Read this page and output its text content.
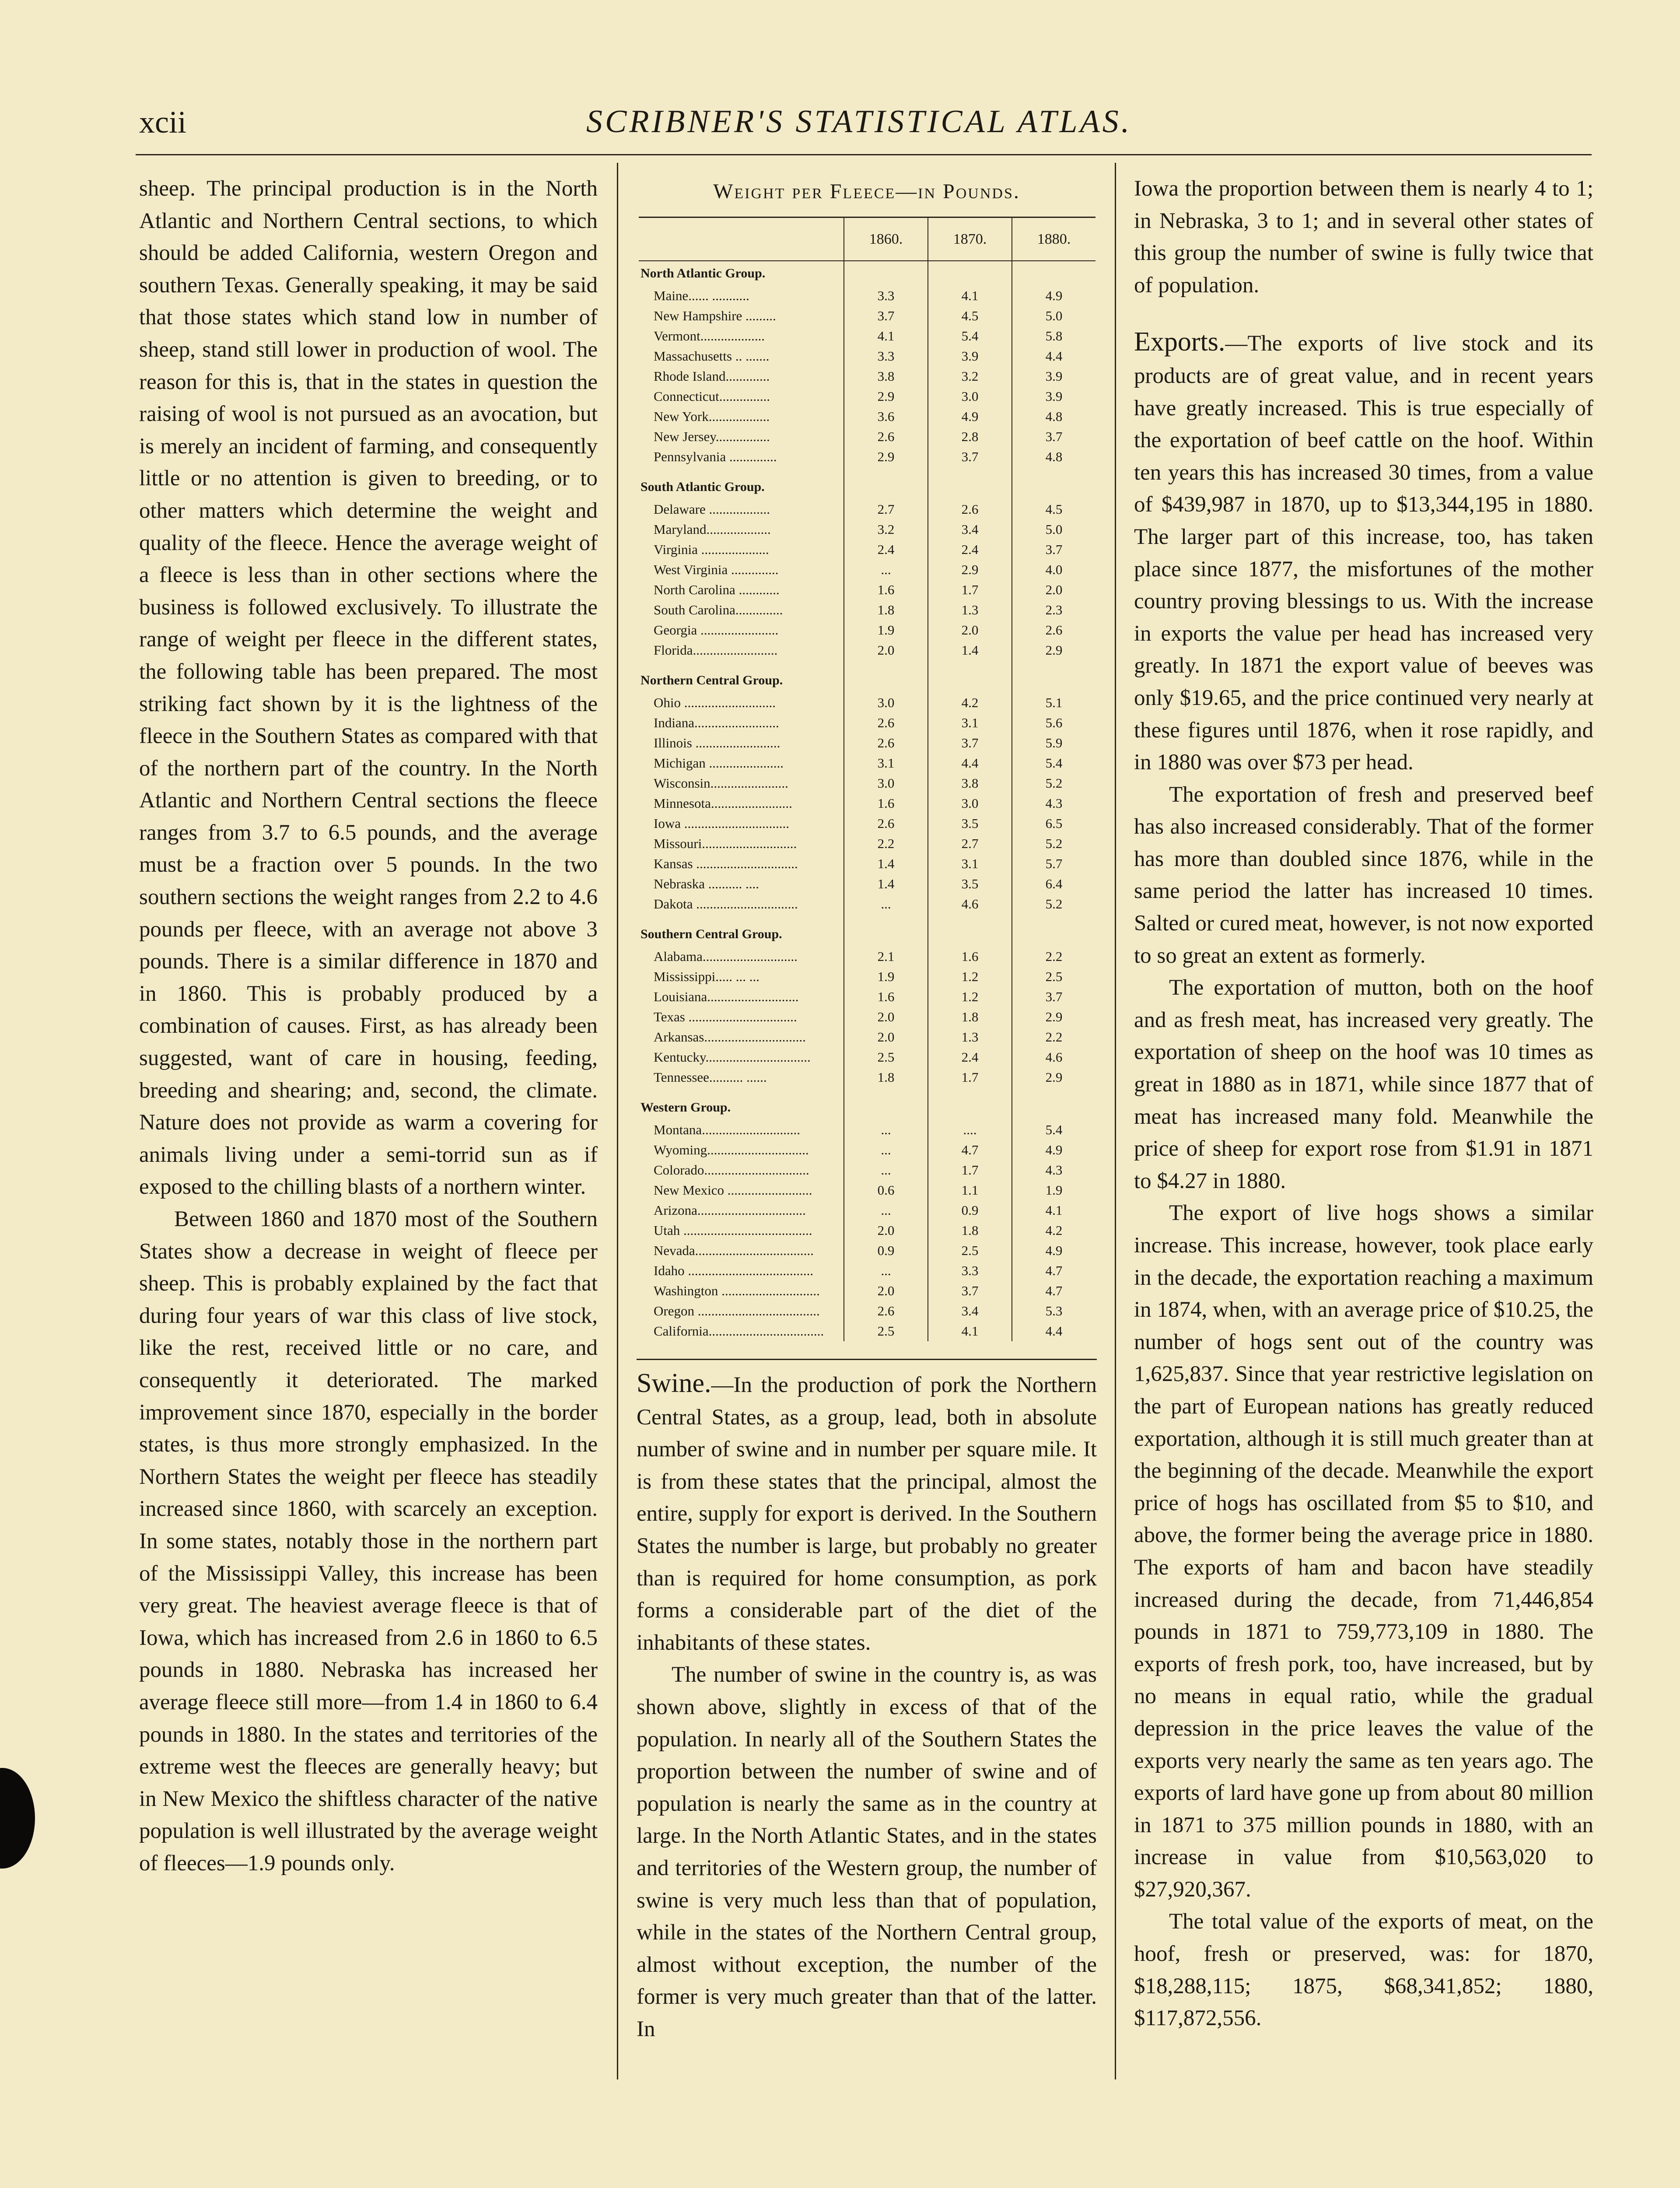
xcii	SCRIBNER'S STATISTICAL ATLAS.

sheep. The principal production is in the North Atlantic and Northern Central sections, to which should be added California, western Oregon and southern Texas. Generally speaking, it may be said that those states which stand low in number of sheep, stand still lower in production of wool. The reason for this is, that in the states in question the raising of wool is not pursued as an avocation, but is merely an incident of farming, and consequently little or no attention is given to breeding, or to other matters which determine the weight and quality of the fleece. Hence the average weight of a fleece is less than in other sections where the business is followed exclusively. To illustrate the range of weight per fleece in the different states, the following table has been prepared. The most striking fact shown by it is the lightness of the fleece in the Southern States as compared with that of the northern part of the country. In the North Atlantic and Northern Central sections the fleece ranges from 3.7 to 6.5 pounds, and the average must be a fraction over 5 pounds. In the two southern sections the weight ranges from 2.2 to 4.6 pounds per fleece, with an average not above 3 pounds. There is a similar difference in 1870 and in 1860. This is probably produced by a combination of causes. First, as has already been suggested, want of care in housing, feeding, breeding and shearing; and, second, the climate. Nature does not provide as warm a covering for animals living under a semi-torrid sun as if exposed to the chilling blasts of a northern winter.

Between 1860 and 1870 most of the Southern States show a decrease in weight of fleece per sheep. This is probably explained by the fact that during four years of war this class of live stock, like the rest, received little or no care, and consequently it deteriorated. The marked improvement since 1870, especially in the border states, is thus more strongly emphasized. In the Northern States the weight per fleece has steadily increased since 1860, with scarcely an exception. In some states, notably those in the northern part of the Mississippi Valley, this increase has been very great. The heaviest average fleece is that of Iowa, which has increased from 2.6 in 1860 to 6.5 pounds in 1880. Nebraska has increased her average fleece still more—from 1.4 in 1860 to 6.4 pounds in 1880. In the states and territories of the extreme west the fleeces are generally heavy; but in New Mexico the shiftless character of the native population is well illustrated by the average weight of fleeces—1.9 pounds only.

Weight per Fleece—in Pounds.
	1860.	1870.	1880.
North Atlantic Group.			
Maine...... ...........	3.3	4.1	4.9
New Hampshire .........	3.7	4.5	5.0
Vermont...................	4.1	5.4	5.8
Massachusetts .. .......	3.3	3.9	4.4
Rhode Island.............	3.8	3.2	3.9
Connecticut...............	2.9	3.0	3.9
New York..................	3.6	4.9	4.8
New Jersey................	2.6	2.8	3.7
Pennsylvania ..............	2.9	3.7	4.8

South Atlantic Group.			
Delaware ..................	2.7	2.6	4.5
Maryland...................	3.2	3.4	5.0
Virginia ....................	2.4	2.4	3.7
West Virginia ..............	...	2.9	4.0
North Carolina ............	1.6	1.7	2.0
South Carolina..............	1.8	1.3	2.3
Georgia .......................	1.9	2.0	2.6
Florida.........................	2.0	1.4	2.9

Northern Central Group.			
Ohio ...........................	3.0	4.2	5.1
Indiana.........................	2.6	3.1	5.6
Illinois .........................	2.6	3.7	5.9
Michigan ......................	3.1	4.4	5.4
Wisconsin.......................	3.0	3.8	5.2
Minnesota........................	1.6	3.0	4.3
Iowa ...............................	2.6	3.5	6.5
Missouri............................	2.2	2.7	5.2
Kansas ..............................	1.4	3.1	5.7
Nebraska .......... ....	1.4	3.5	6.4
Dakota ..............................	...	4.6	5.2

Southern Central Group.			
Alabama............................	2.1	1.6	2.2
Mississippi..... ... ...	1.9	1.2	2.5
Louisiana...........................	1.6	1.2	3.7
Texas ................................	2.0	1.8	2.9
Arkansas..............................	2.0	1.3	2.2
Kentucky...............................	2.5	2.4	4.6
Tennessee.......... ......	1.8	1.7	2.9

Western Group.			
Montana.............................	...	....	5.4
Wyoming..............................	...	4.7	4.9
Colorado...............................	...	1.7	4.3
New Mexico .........................	0.6	1.1	1.9
Arizona................................	...	0.9	4.1
Utah ......................................	2.0	1.8	4.2
Nevada...................................	0.9	2.5	4.9
Idaho .....................................	...	3.3	4.7
Washington .............................	2.0	3.7	4.7
Oregon ....................................	2.6	3.4	5.3
California..................................	2.5	4.1	4.4

Swine.—In the production of pork the Northern Central States, as a group, lead, both in absolute number of swine and in number per square mile. It is from these states that the principal, almost the entire, supply for export is derived. In the Southern States the number is large, but probably no greater than is required for home consumption, as pork forms a considerable part of the diet of the inhabitants of these states.

The number of swine in the country is, as was shown above, slightly in excess of that of the population. In nearly all of the Southern States the proportion between the number of swine and of population is nearly the same as in the country at large. In the North Atlantic States, and in the states and territories of the Western group, the number of swine is very much less than that of population, while in the states of the Northern Central group, almost without exception, the number of the former is very much greater than that of the latter. In

Iowa the proportion between them is nearly 4 to 1; in Nebraska, 3 to 1; and in several other states of this group the number of swine is fully twice that of population.

Exports.—The exports of live stock and its products are of great value, and in recent years have greatly increased. This is true especially of the exportation of beef cattle on the hoof. Within ten years this has increased 30 times, from a value of $439,987 in 1870, up to $13,344,195 in 1880. The larger part of this increase, too, has taken place since 1877, the misfortunes of the mother country proving blessings to us. With the increase in exports the value per head has increased very greatly. In 1871 the export value of beeves was only $19.65, and the price continued very nearly at these figures until 1876, when it rose rapidly, and in 1880 was over $73 per head.

The exportation of fresh and preserved beef has also increased considerably. That of the former has more than doubled since 1876, while in the same period the latter has increased 10 times. Salted or cured meat, however, is not now exported to so great an extent as formerly.

The exportation of mutton, both on the hoof and as fresh meat, has increased very greatly. The exportation of sheep on the hoof was 10 times as great in 1880 as in 1871, while since 1877 that of meat has increased many fold. Meanwhile the price of sheep for export rose from $1.91 in 1871 to $4.27 in 1880.

The export of live hogs shows a similar increase. This increase, however, took place early in the decade, the exportation reaching a maximum in 1874, when, with an average price of $10.25, the number of hogs sent out of the country was 1,625,837. Since that year restrictive legislation on the part of European nations has greatly reduced exportation, although it is still much greater than at the beginning of the decade. Meanwhile the export price of hogs has oscillated from $5 to $10, and above, the former being the average price in 1880. The exports of ham and bacon have steadily increased during the decade, from 71,446,854 pounds in 1871 to 759,773,109 in 1880. The exports of fresh pork, too, have increased, but by no means in equal ratio, while the gradual depression in the price leaves the value of the exports very nearly the same as ten years ago. The exports of lard have gone up from about 80 million in 1871 to 375 million pounds in 1880, with an increase in value from $10,563,020 to $27,920,367.

The total value of the exports of meat, on the hoof, fresh or preserved, was: for 1870, $18,288,115; 1875, $68,341,852; 1880, $117,872,556.
